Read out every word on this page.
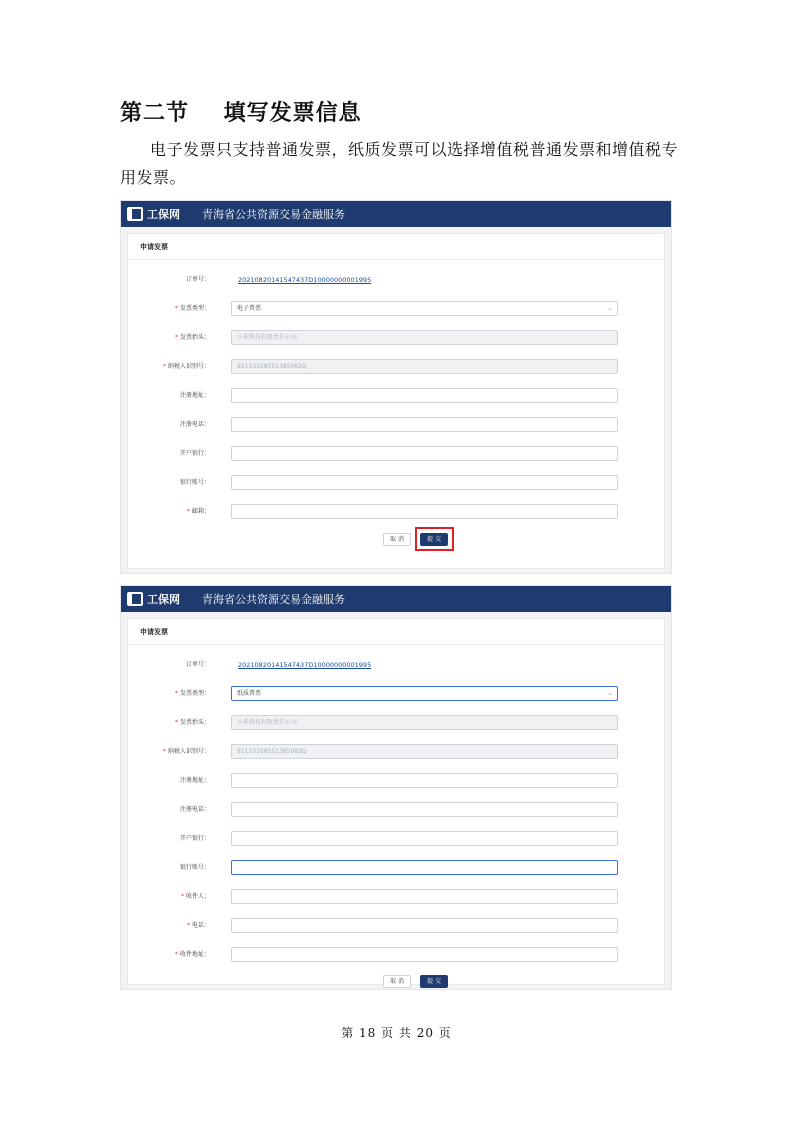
第二节    填写发票信息
电子发票只支持普通发票，纸质发票可以选择增值税普通发票和增值税专用发票。
工保网 青海省公共资源交易金融服务
申请发票
订单号：	20210820141547437D10000000001995
* 发票类型：	电子普票	⌄
* 发票抬头：	小米科技有限责任公司
* 纳税人识别号：	91110108551385082Q
注册地址：
注册电话：
开户银行：
银行账号：
* 邮箱：
取 消	提 交
工保网 青海省公共资源交易金融服务
申请发票
订单号：	20210820141547437D10000000001995
* 发票类型：	纸质普票	⌄
* 发票抬头：	小米科技有限责任公司
* 纳税人识别号：	91110108551385082Q
注册地址：
注册电话：
开户银行：
银行账号：
* 收件人：
* 电话：
* 收件地址：
取 消	提 交
第 18 页 共 20 页
